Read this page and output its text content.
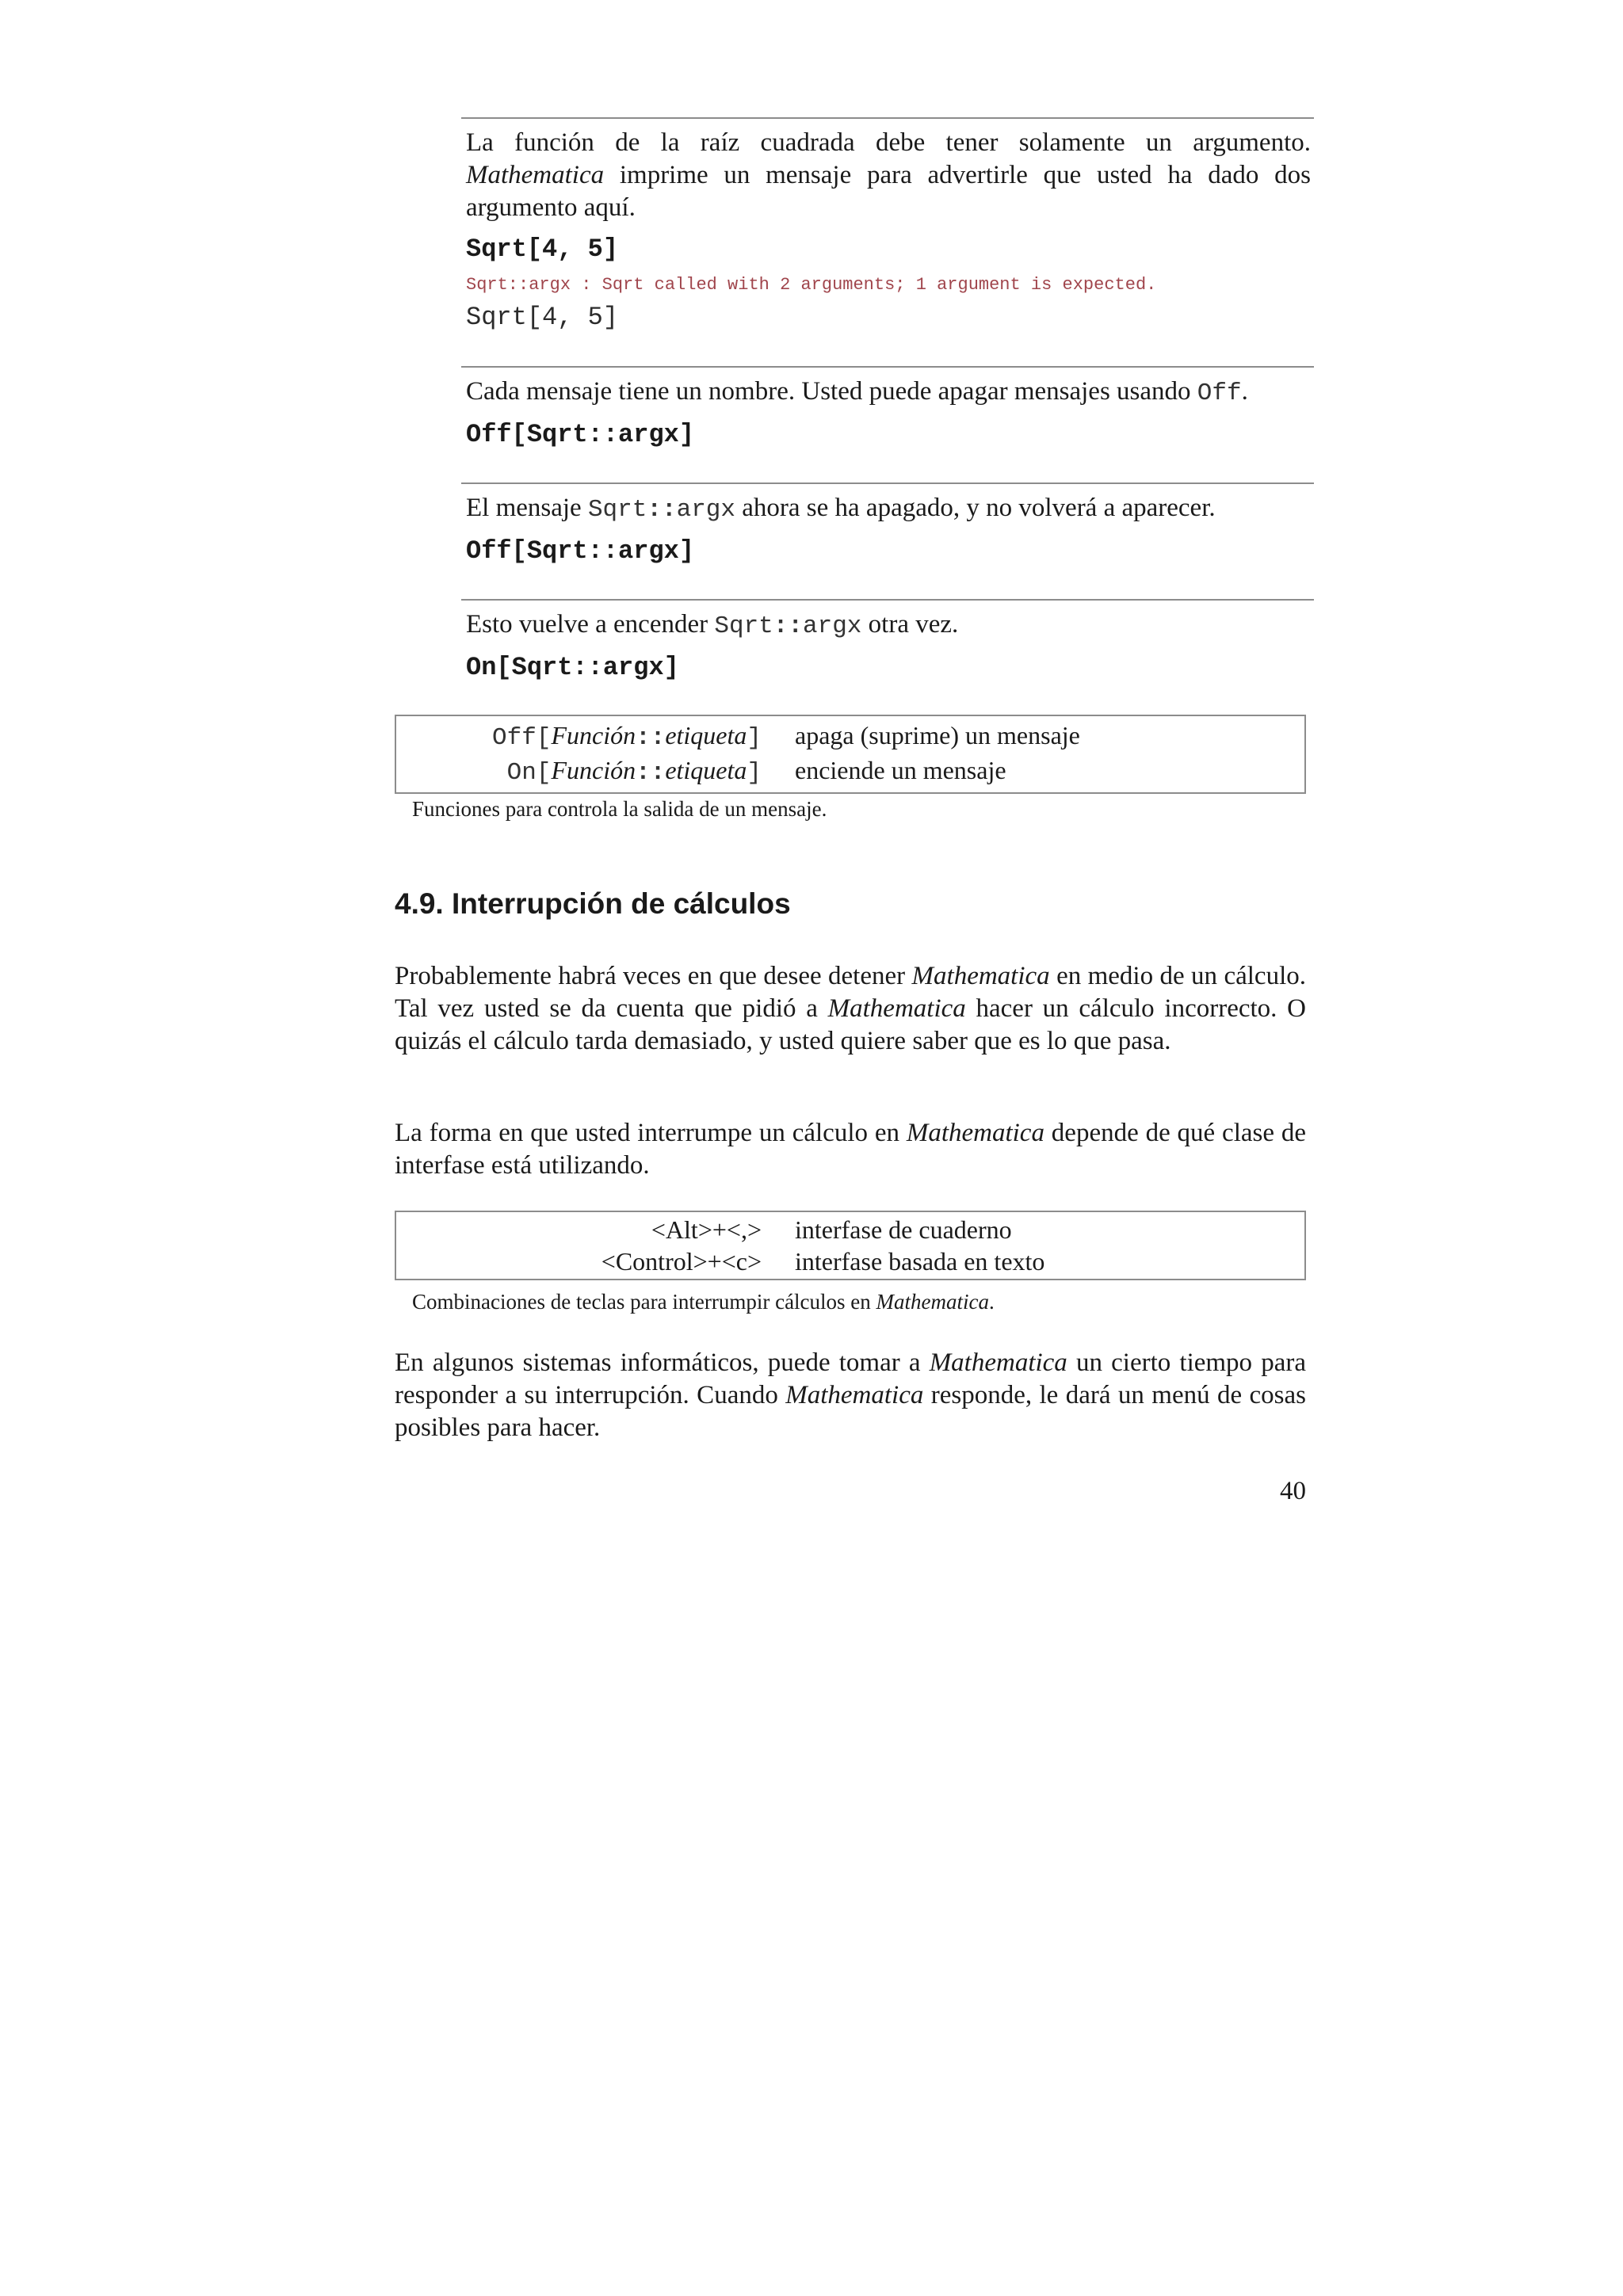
La función de la raíz cuadrada debe tener solamente un argumento. Mathematica imprime un mensaje para advertirle que usted ha dado dos argumento aquí.
Sqrt[4, 5]
Sqrt::argx : Sqrt called with 2 arguments; 1 argument is expected.
Sqrt[4, 5]
Cada mensaje tiene un nombre. Usted puede apagar mensajes usando Off.
Off[Sqrt::argx]
El mensaje Sqrt::argx ahora se ha apagado, y no volverá a aparecer.
Off[Sqrt::argx]
Esto vuelve a encender Sqrt::argx otra vez.
On[Sqrt::argx]
Off[Función::etiqueta]	apaga (suprime) un mensaje
On[Función::etiqueta]	enciende un mensaje
Funciones para controla la salida de un mensaje.
4.9. Interrupción de cálculos
Probablemente habrá veces en que desee detener Mathematica en medio de un cálculo. Tal vez usted se da cuenta que pidió a Mathematica hacer un cálculo incorrecto. O quizás el cálculo tarda demasiado, y usted quiere saber que es lo que pasa.
La forma en que usted interrumpe un cálculo en Mathematica depende de qué clase de interfase está utilizando.
<Alt>+<,>	interfase de cuaderno
<Control>+<c>	interfase basada en texto
Combinaciones de teclas para interrumpir cálculos en Mathematica.
En algunos sistemas informáticos, puede tomar a Mathematica un cierto tiempo para responder a su interrupción. Cuando Mathematica responde, le dará un menú de cosas posibles para hacer.
40
